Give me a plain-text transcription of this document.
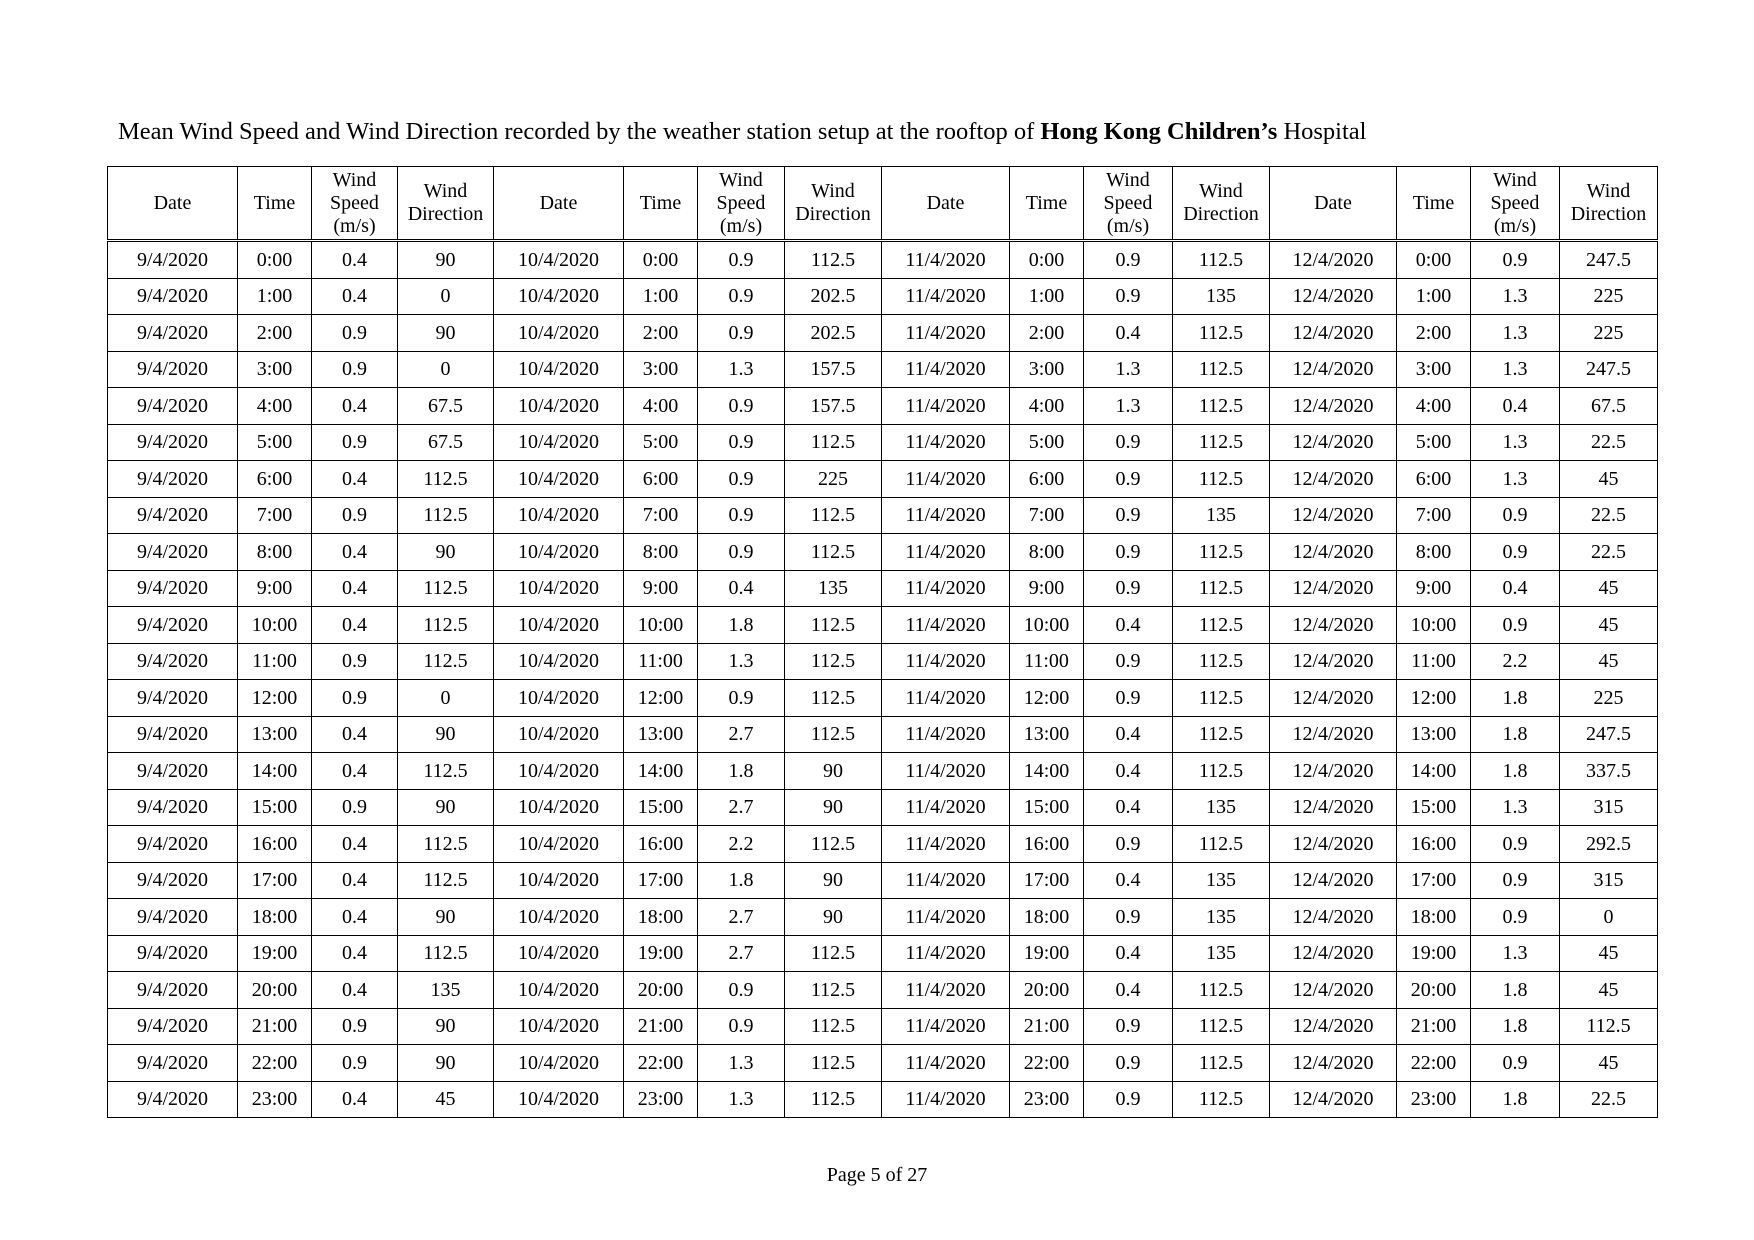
Mean Wind Speed and Wind Direction recorded by the weather station setup at the rooftop of Hong Kong Children’s Hospital
Date	Time	Wind Speed (m/s)	Wind Direction	Date	Time	Wind Speed (m/s)	Wind Direction	Date	Time	Wind Speed (m/s)	Wind Direction	Date	Time	Wind Speed (m/s)	Wind Direction
9/4/2020	0:00	0.4	90	10/4/2020	0:00	0.9	112.5	11/4/2020	0:00	0.9	112.5	12/4/2020	0:00	0.9	247.5
9/4/2020	1:00	0.4	0	10/4/2020	1:00	0.9	202.5	11/4/2020	1:00	0.9	135	12/4/2020	1:00	1.3	225
9/4/2020	2:00	0.9	90	10/4/2020	2:00	0.9	202.5	11/4/2020	2:00	0.4	112.5	12/4/2020	2:00	1.3	225
9/4/2020	3:00	0.9	0	10/4/2020	3:00	1.3	157.5	11/4/2020	3:00	1.3	112.5	12/4/2020	3:00	1.3	247.5
9/4/2020	4:00	0.4	67.5	10/4/2020	4:00	0.9	157.5	11/4/2020	4:00	1.3	112.5	12/4/2020	4:00	0.4	67.5
9/4/2020	5:00	0.9	67.5	10/4/2020	5:00	0.9	112.5	11/4/2020	5:00	0.9	112.5	12/4/2020	5:00	1.3	22.5
9/4/2020	6:00	0.4	112.5	10/4/2020	6:00	0.9	225	11/4/2020	6:00	0.9	112.5	12/4/2020	6:00	1.3	45
9/4/2020	7:00	0.9	112.5	10/4/2020	7:00	0.9	112.5	11/4/2020	7:00	0.9	135	12/4/2020	7:00	0.9	22.5
9/4/2020	8:00	0.4	90	10/4/2020	8:00	0.9	112.5	11/4/2020	8:00	0.9	112.5	12/4/2020	8:00	0.9	22.5
9/4/2020	9:00	0.4	112.5	10/4/2020	9:00	0.4	135	11/4/2020	9:00	0.9	112.5	12/4/2020	9:00	0.4	45
9/4/2020	10:00	0.4	112.5	10/4/2020	10:00	1.8	112.5	11/4/2020	10:00	0.4	112.5	12/4/2020	10:00	0.9	45
9/4/2020	11:00	0.9	112.5	10/4/2020	11:00	1.3	112.5	11/4/2020	11:00	0.9	112.5	12/4/2020	11:00	2.2	45
9/4/2020	12:00	0.9	0	10/4/2020	12:00	0.9	112.5	11/4/2020	12:00	0.9	112.5	12/4/2020	12:00	1.8	225
9/4/2020	13:00	0.4	90	10/4/2020	13:00	2.7	112.5	11/4/2020	13:00	0.4	112.5	12/4/2020	13:00	1.8	247.5
9/4/2020	14:00	0.4	112.5	10/4/2020	14:00	1.8	90	11/4/2020	14:00	0.4	112.5	12/4/2020	14:00	1.8	337.5
9/4/2020	15:00	0.9	90	10/4/2020	15:00	2.7	90	11/4/2020	15:00	0.4	135	12/4/2020	15:00	1.3	315
9/4/2020	16:00	0.4	112.5	10/4/2020	16:00	2.2	112.5	11/4/2020	16:00	0.9	112.5	12/4/2020	16:00	0.9	292.5
9/4/2020	17:00	0.4	112.5	10/4/2020	17:00	1.8	90	11/4/2020	17:00	0.4	135	12/4/2020	17:00	0.9	315
9/4/2020	18:00	0.4	90	10/4/2020	18:00	2.7	90	11/4/2020	18:00	0.9	135	12/4/2020	18:00	0.9	0
9/4/2020	19:00	0.4	112.5	10/4/2020	19:00	2.7	112.5	11/4/2020	19:00	0.4	135	12/4/2020	19:00	1.3	45
9/4/2020	20:00	0.4	135	10/4/2020	20:00	0.9	112.5	11/4/2020	20:00	0.4	112.5	12/4/2020	20:00	1.8	45
9/4/2020	21:00	0.9	90	10/4/2020	21:00	0.9	112.5	11/4/2020	21:00	0.9	112.5	12/4/2020	21:00	1.8	112.5
9/4/2020	22:00	0.9	90	10/4/2020	22:00	1.3	112.5	11/4/2020	22:00	0.9	112.5	12/4/2020	22:00	0.9	45
9/4/2020	23:00	0.4	45	10/4/2020	23:00	1.3	112.5	11/4/2020	23:00	0.9	112.5	12/4/2020	23:00	1.8	22.5
Page 5 of 27
